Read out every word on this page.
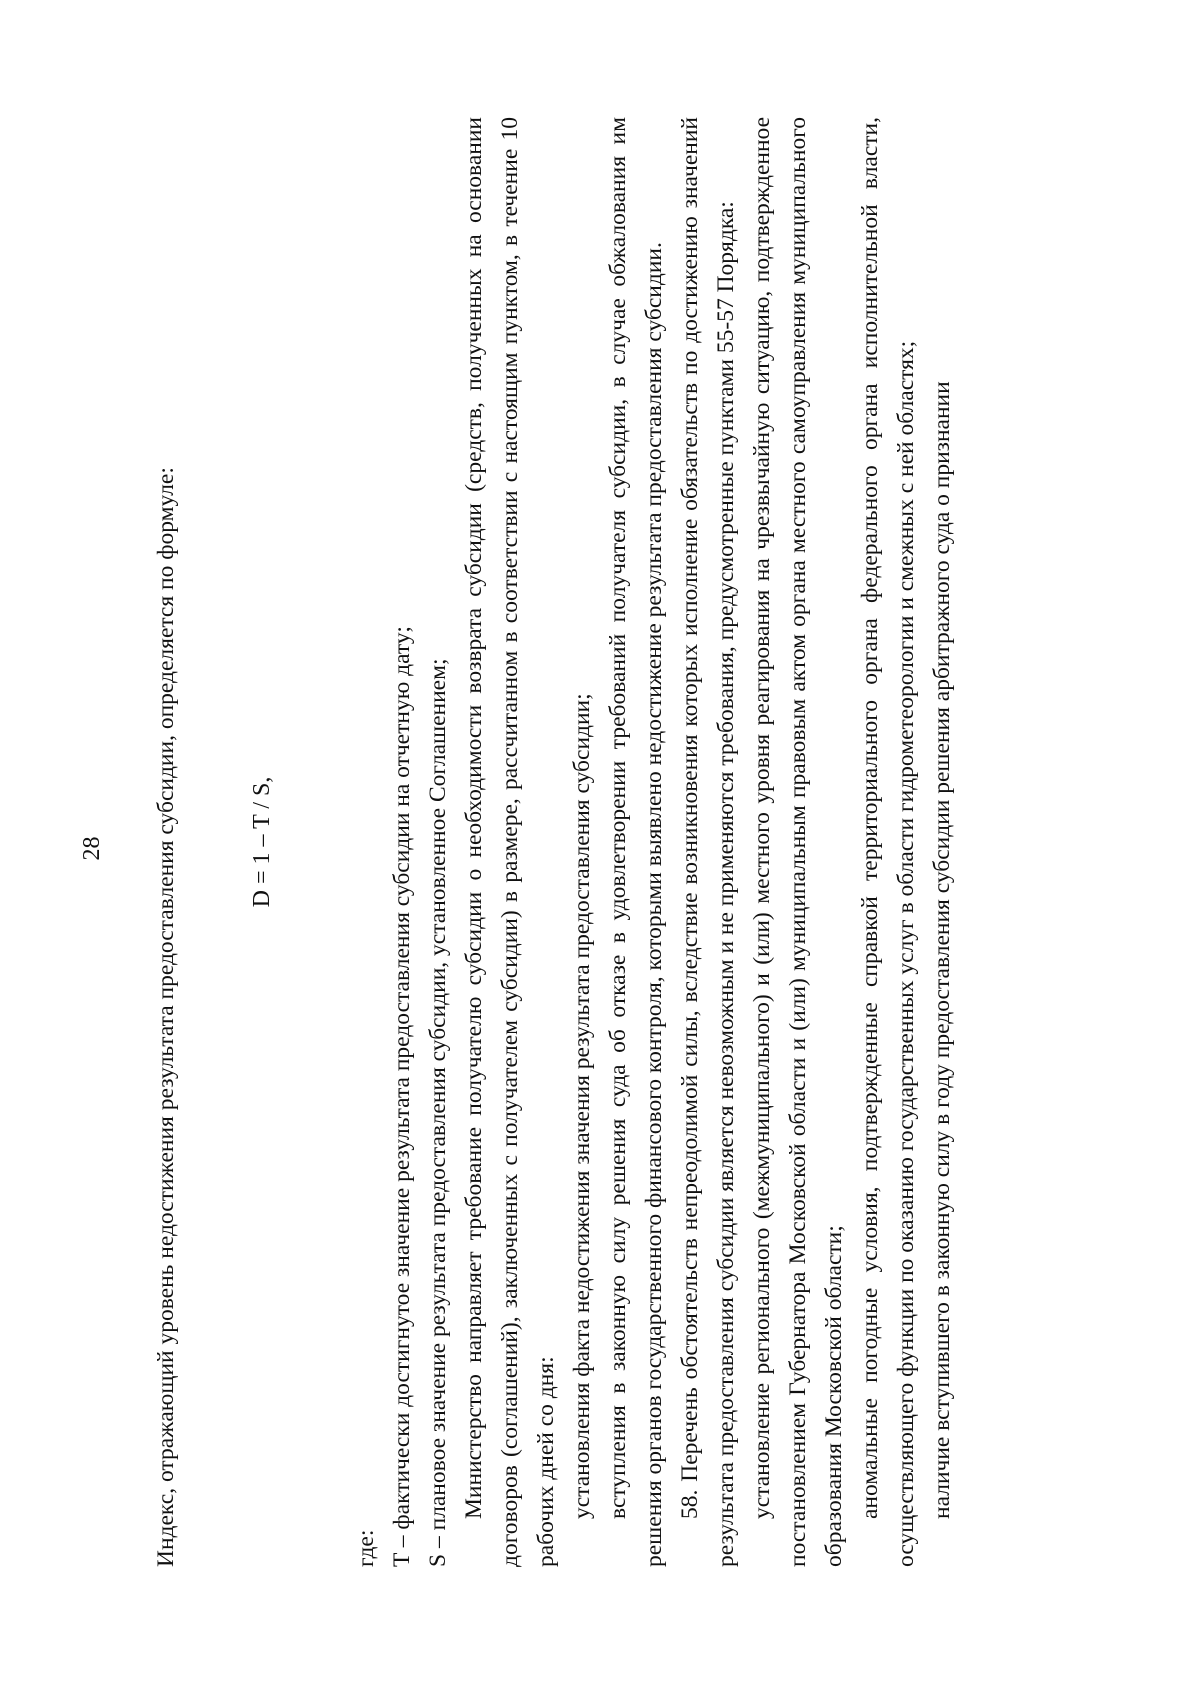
28 Индекс, отражающий уровень недостижения результата предоставления субсидии, определяется по формуле:	D = 1 – T / S,

где: T – фактически достигнутое значение результата предоставления субсидии на отчетную дату; S – плановое значение результата предоставления субсидии, установленное Соглашением; Министерство направляет требование получателю субсидии о необходимости возврата субсидии (средств, полученных на основании договоров (соглашений), заключенных с получателем субсидии) в размере, рассчитанном в соответствии с настоящим пунктом, в течение 10 рабочих дней со дня: установления факта недостижения значения результата предоставления субсидии; вступления в законную силу решения суда об отказе в удовлетворении требований получателя субсидии, в случае обжалования им решения органов государственного финансового контроля, которыми выявлено недостижение результата предоставления субсидии. 58. Перечень обстоятельств непреодолимой силы, вследствие возникновения которых исполнение обязательств по достижению значений результата предоставления субсидии является невозможным и не применяются требования, предусмотренные пунктами 55-57 Порядка: установление регионального (межмуниципального) и (или) местного уровня реагирования на чрезвычайную ситуацию, подтвержденное постановлением Губернатора Московской области и (или) муниципальным правовым актом органа местного самоуправления муниципального образования Московской области; аномальные погодные условия, подтвержденные справкой территориального органа федерального органа исполнительной власти, осуществляющего функции по оказанию государственных услуг в области гидрометеорологии и смежных с ней областях; наличие вступившего в законную силу в году предоставления субсидии решения арбитражного суда о признании
